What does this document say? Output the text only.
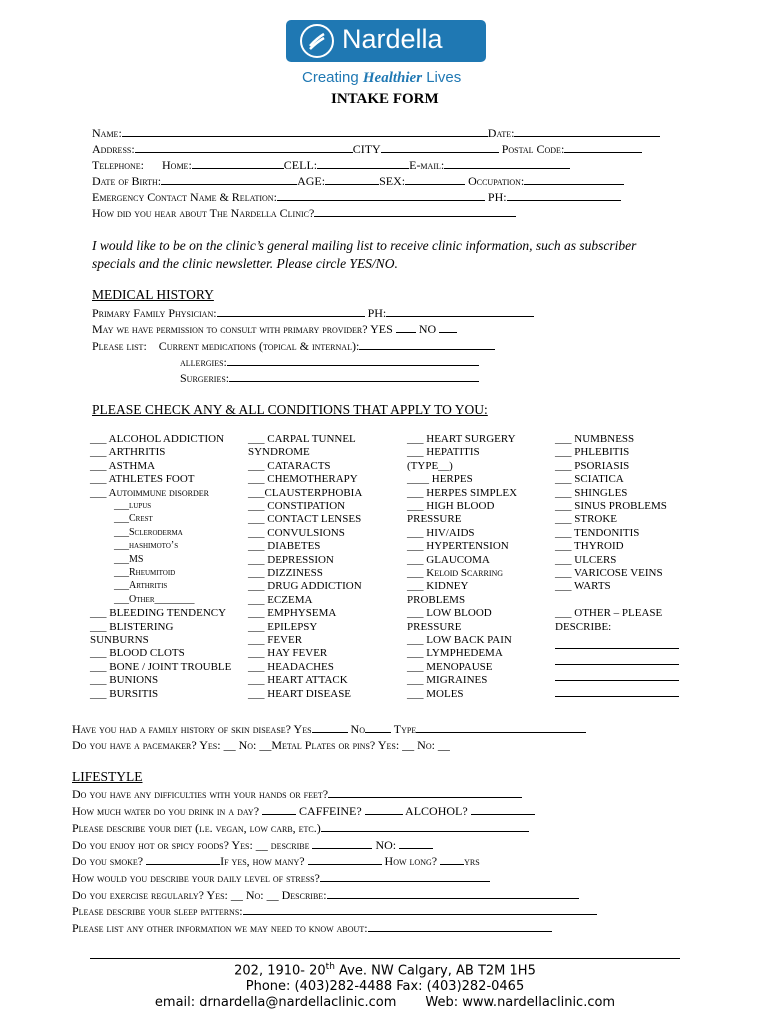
Nardella
Creating Healthier Lives
INTAKE FORM
Name:	Date:
Address:	CITY	Postal Code:
Telephone: Home:	CELL:	E-mail:
Date of Birth:	AGE:	SEX:	Occupation:
Emergency Contact Name & Relation:	PH:
How did you hear about The Nardella Clinic?
I would like to be on the clinic’s general mailing list to receive clinic information, such as subscriber
specials and the clinic newsletter. Please circle YES/NO.
MEDICAL HISTORY
Primary Family Physician:	PH:
May we have permission to consult with primary provider? YES NO
Please list: Current medications (topical & internal):
allergies:
Surgeries:
PLEASE CHECK ANY & ALL CONDITIONS THAT APPLY TO YOU:
___ ALCOHOL ADDICTION
___ ARTHRITIS
___ ASTHMA
___ ATHLETES FOOT
___ Autoimmune disorder
___lupus
___Crest
___Scleroderma
___hashimoto’s
___MS
___Rheumitoid
___Arthritis
___Other________
___ BLEEDING TENDENCY
___ BLISTERING
SUNBURNS
___ BLOOD CLOTS
___ BONE / JOINT TROUBLE
___ BUNIONS
___ BURSITIS
___ CARPAL TUNNEL
SYNDROME
___ CATARACTS
___ CHEMOTHERAPY
___CLAUSTERPHOBIA
___ CONSTIPATION
___ CONTACT LENSES
___ CONVULSIONS
___ DIABETES
___ DEPRESSION
___ DIZZINESS
___ DRUG ADDICTION
___ ECZEMA
___ EMPHYSEMA
___ EPILEPSY
___ FEVER
___ HAY FEVER
___ HEADACHES
___ HEART ATTACK
___ HEART DISEASE
___ HEART SURGERY
___ HEPATITIS
(TYPE__)
____ HERPES
___ HERPES SIMPLEX
___ HIGH BLOOD
PRESSURE
___ HIV/AIDS
___ HYPERTENSION
___ GLAUCOMA
___ Keloid Scarring
___ KIDNEY
PROBLEMS
___ LOW BLOOD
PRESSURE
___ LOW BACK PAIN
___ LYMPHEDEMA
___ MENOPAUSE
___ MIGRAINES
___ MOLES
___ NUMBNESS
___ PHLEBITIS
___ PSORIASIS
___ SCIATICA
___ SHINGLES
___ SINUS PROBLEMS
___ STROKE
___ TENDONITIS
___ THYROID
___ ULCERS
___ VARICOSE VEINS
___ WARTS
___ OTHER – PLEASE
DESCRIBE:
Have you had a family history of skin disease? Yes	No Type
Do you have a pacemaker? Yes: __ No: __Metal Plates or pins? Yes: __ No: __
LIFESTYLE
Do you have any difficulties with your hands or feet?
How much water do you drink in a day?	CAFFEINE?	ALCOHOL?
Please describe your diet (i.e. vegan, low carb, etc.)
Do you enjoy hot or spicy foods? Yes: __ describe	NO:
Do you smoke?	If yes, how many?	How long? yrs
How would you describe your daily level of stress?
Do you exercise regularly? Yes: __ No: __ Describe:
Please describe your sleep patterns:
Please list any other information we may need to know about:
202, 1910- 20th Ave. NW Calgary, AB T2M 1H5
Phone: (403)282-4488 Fax: (403)282-0465
email: drnardella@nardellaclinic.com Web: www.nardellaclinic.com
